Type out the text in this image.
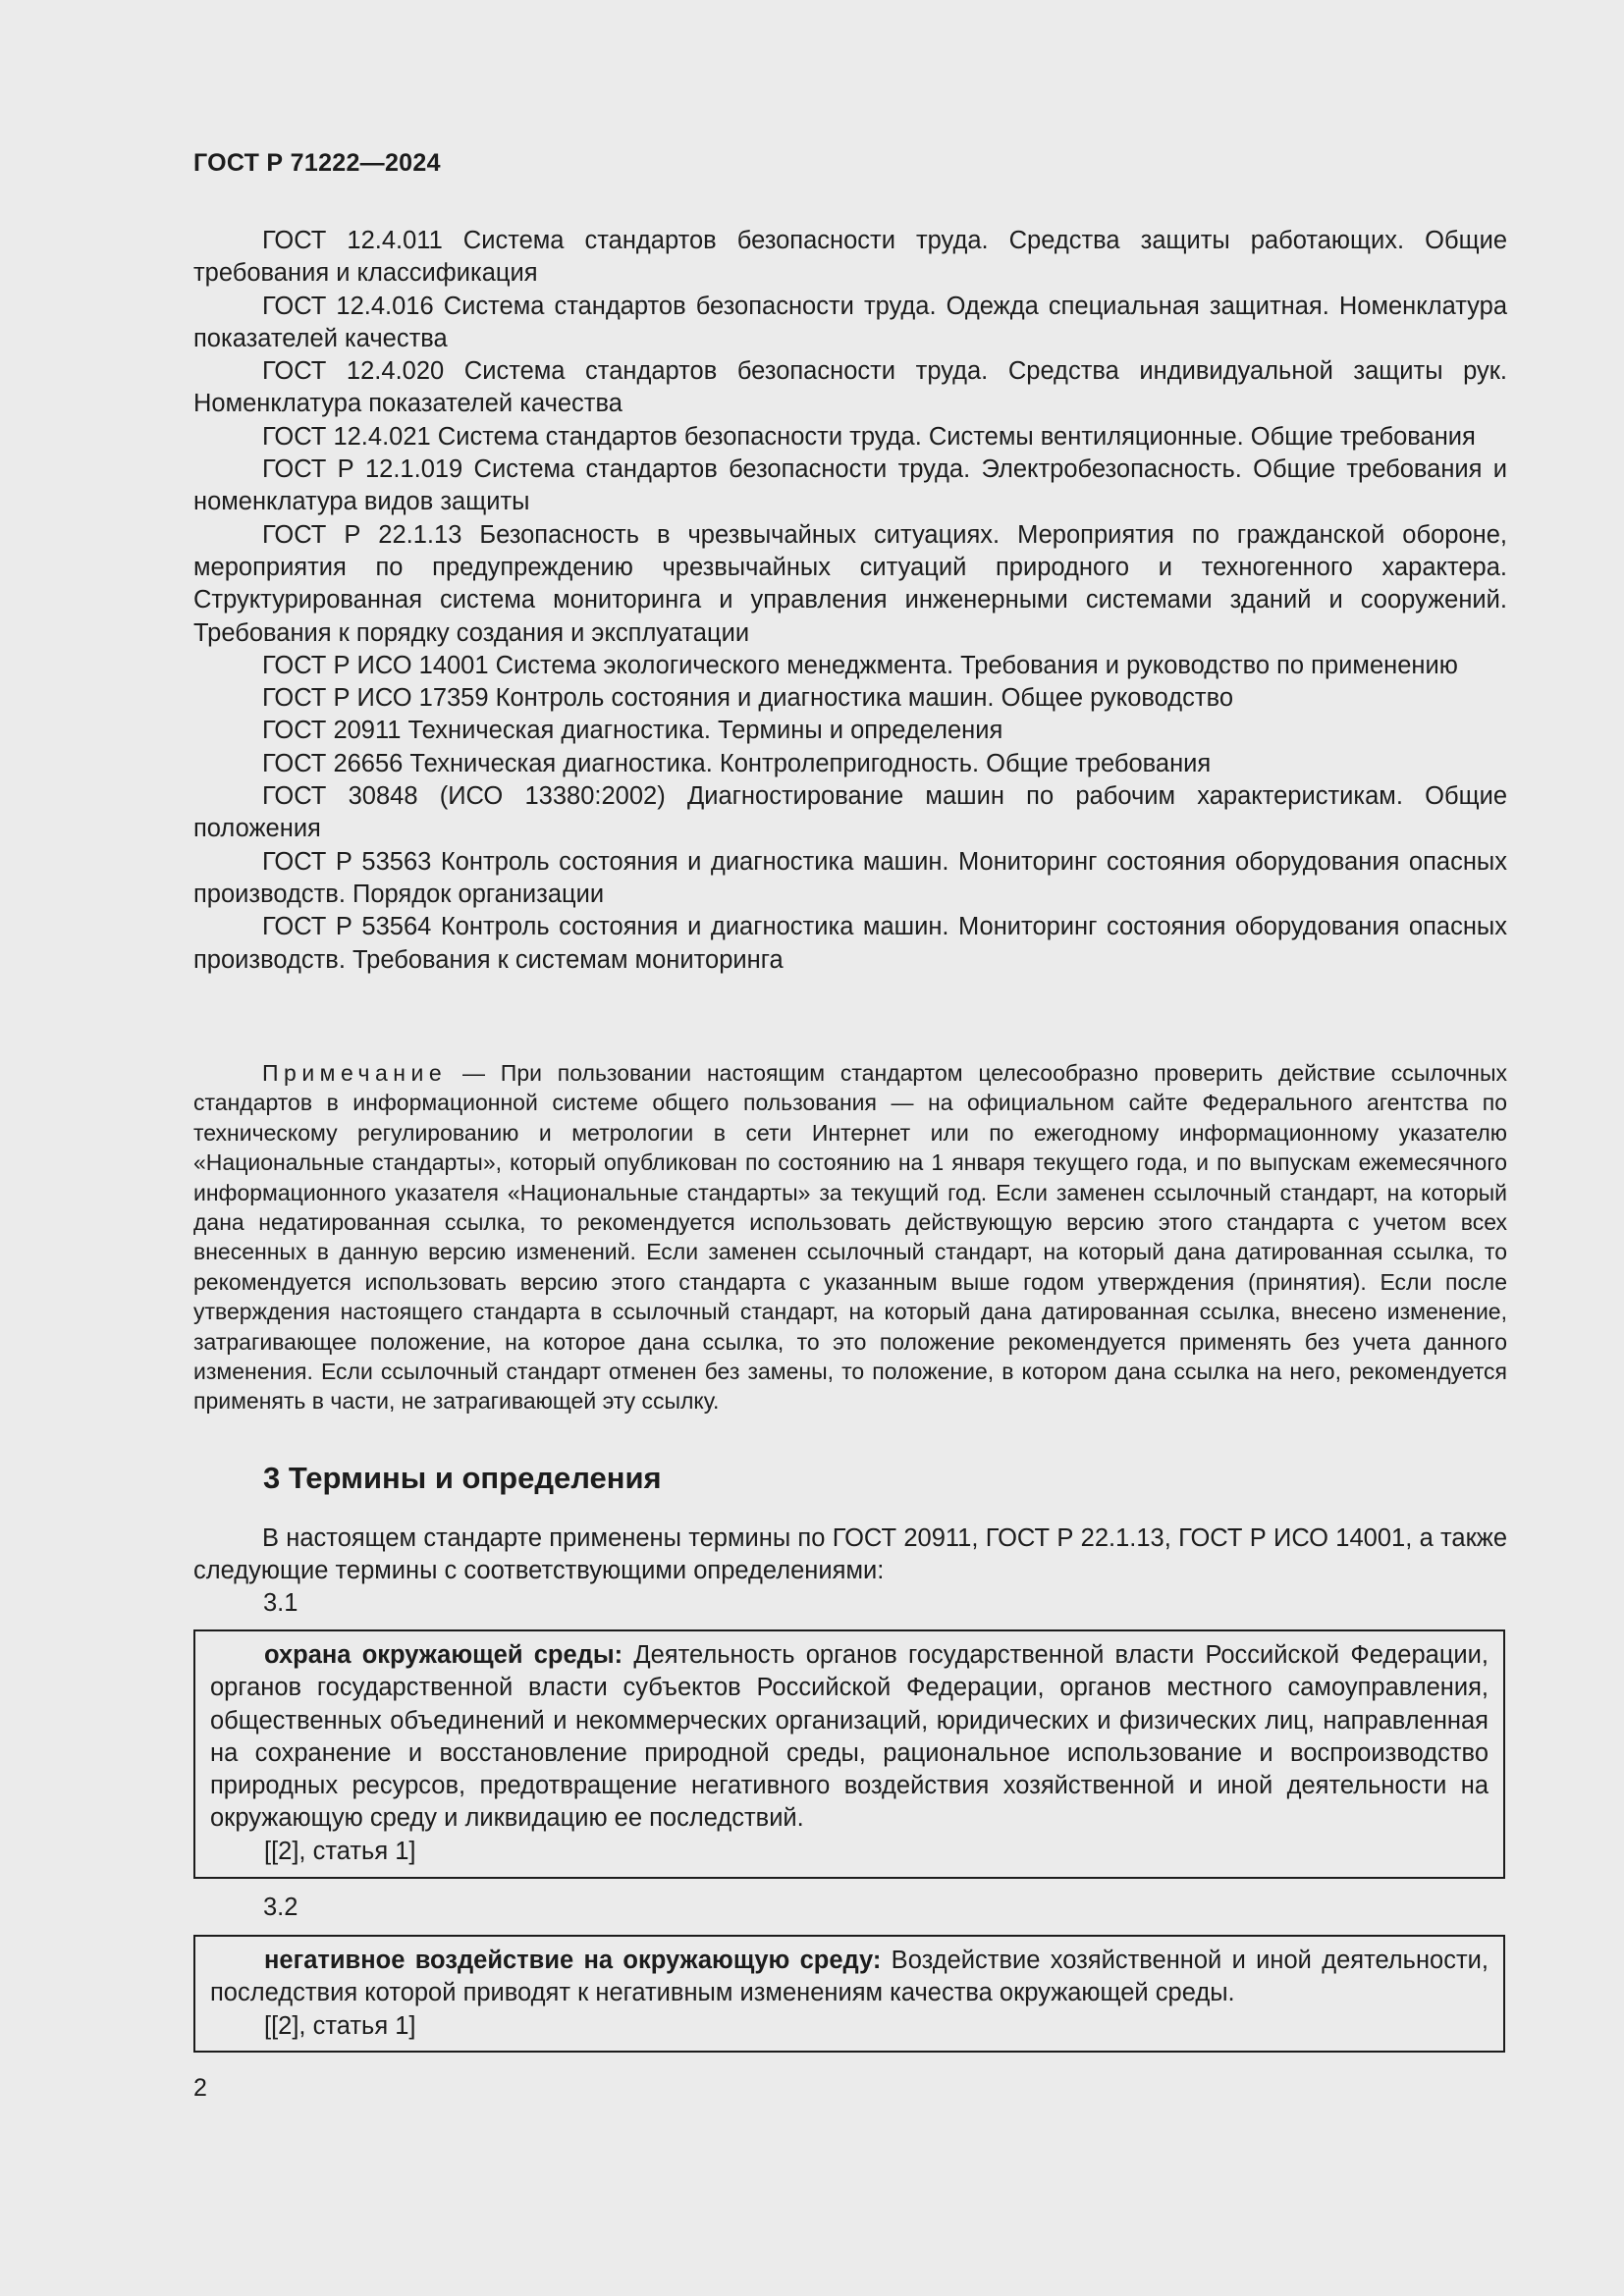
ГОСТ Р 71222—2024
ГОСТ 12.4.011 Система стандартов безопасности труда. Средства защиты работающих. Общие требования и классификация
ГОСТ 12.4.016 Система стандартов безопасности труда. Одежда специальная защитная. Номенклатура показателей качества
ГОСТ 12.4.020 Система стандартов безопасности труда. Средства индивидуальной защиты рук. Номенклатура показателей качества
ГОСТ 12.4.021 Система стандартов безопасности труда. Системы вентиляционные. Общие требования
ГОСТ Р 12.1.019 Система стандартов безопасности труда. Электробезопасность. Общие требования и номенклатура видов защиты
ГОСТ Р 22.1.13 Безопасность в чрезвычайных ситуациях. Мероприятия по гражданской обороне, мероприятия по предупреждению чрезвычайных ситуаций природного и техногенного характера. Структурированная система мониторинга и управления инженерными системами зданий и сооружений. Требования к порядку создания и эксплуатации
ГОСТ Р ИСО 14001 Система экологического менеджмента. Требования и руководство по применению
ГОСТ Р ИСО 17359 Контроль состояния и диагностика машин. Общее руководство
ГОСТ 20911 Техническая диагностика. Термины и определения
ГОСТ 26656 Техническая диагностика. Контролепригодность. Общие требования
ГОСТ 30848 (ИСО 13380:2002) Диагностирование машин по рабочим характеристикам. Общие положения
ГОСТ Р 53563 Контроль состояния и диагностика машин. Мониторинг состояния оборудования опасных производств. Порядок организации
ГОСТ Р 53564 Контроль состояния и диагностика машин. Мониторинг состояния оборудования опасных производств. Требования к системам мониторинга
Примечание — При пользовании настоящим стандартом целесообразно проверить действие ссылочных стандартов в информационной системе общего пользования — на официальном сайте Федерального агентства по техническому регулированию и метрологии в сети Интернет или по ежегодному информационному указателю «Национальные стандарты», который опубликован по состоянию на 1 января текущего года, и по выпускам ежемесячного информационного указателя «Национальные стандарты» за текущий год. Если заменен ссылочный стандарт, на который дана недатированная ссылка, то рекомендуется использовать действующую версию этого стандарта с учетом всех внесенных в данную версию изменений. Если заменен ссылочный стандарт, на который дана датированная ссылка, то рекомендуется использовать версию этого стандарта с указанным выше годом утверждения (принятия). Если после утверждения настоящего стандарта в ссылочный стандарт, на который дана датированная ссылка, внесено изменение, затрагивающее положение, на которое дана ссылка, то это положение рекомендуется применять без учета данного изменения. Если ссылочный стандарт отменен без замены, то положение, в котором дана ссылка на него, рекомендуется применять в части, не затрагивающей эту ссылку.
3 Термины и определения
В настоящем стандарте применены термины по ГОСТ 20911, ГОСТ Р 22.1.13, ГОСТ Р ИСО 14001, а также следующие термины с соответствующими определениями:
3.1

охрана окружающей среды: Деятельность органов государственной власти Российской Федерации, органов государственной власти субъектов Российской Федерации, органов местного самоуправления, общественных объединений и некоммерческих организаций, юридических и физических лиц, направленная на сохранение и восстановление природной среды, рациональное использование и воспроизводство природных ресурсов, предотвращение негативного воздействия хозяйственной и иной деятельности на окружающую среду и ликвидацию ее последствий.

[[2], статья 1]

3.2

негативное воздействие на окружающую среду: Воздействие хозяйственной и иной деятельности, последствия которой приводят к негативным изменениям качества окружающей среды.

[[2], статья 1]

2
